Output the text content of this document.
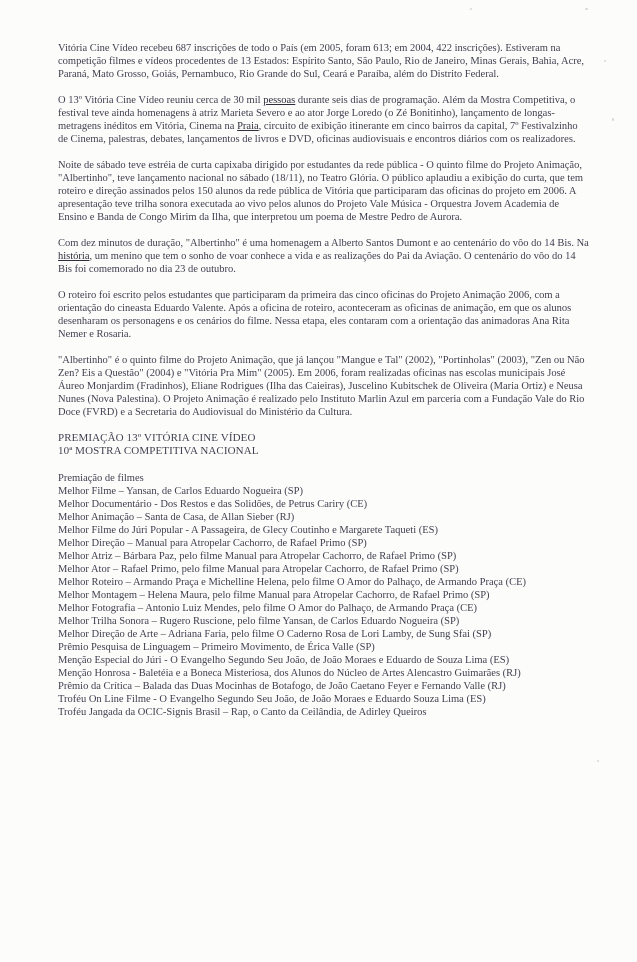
Vitória Cine Vídeo recebeu 687 inscrições de todo o País (em 2005, foram 613; em 2004, 422 inscrições). Estiveram na competição filmes e vídeos procedentes de 13 Estados: Espírito Santo, São Paulo, Rio de Janeiro, Minas Gerais, Bahia, Acre, Paraná, Mato Grosso, Goiás, Pernambuco, Rio Grande do Sul, Ceará e Paraíba, além do Distrito Federal.

O 13º Vitória Cine Vídeo reuniu cerca de 30 mil pessoas durante seis dias de programação. Além da Mostra Competitiva, o festival teve ainda homenagens à atriz Marieta Severo e ao ator Jorge Loredo (o Zé Bonitinho), lançamento de longas-metragens inéditos em Vitória, Cinema na Praia, circuito de exibição itinerante em cinco bairros da capital, 7º Festivalzinho de Cinema, palestras, debates, lançamentos de livros e DVD, oficinas audiovisuais e encontros diários com os realizadores.

Noite de sábado teve estréia de curta capixaba dirigido por estudantes da rede pública - O quinto filme do Projeto Animação, "Albertinho", teve lançamento nacional no sábado (18/11), no Teatro Glória. O público aplaudiu a exibição do curta, que tem roteiro e direção assinados pelos 150 alunos da rede pública de Vitória que participaram das oficinas do projeto em 2006. A apresentação teve trilha sonora executada ao vivo pelos alunos do Projeto Vale Música - Orquestra Jovem Academia de Ensino e Banda de Congo Mirim da Ilha, que interpretou um poema de Mestre Pedro de Aurora.

Com dez minutos de duração, "Albertinho" é uma homenagem a Alberto Santos Dumont e ao centenário do vôo do 14 Bis. Na história, um menino que tem o sonho de voar conhece a vida e as realizações do Pai da Aviação. O centenário do vôo do 14 Bis foi comemorado no dia 23 de outubro.

O roteiro foi escrito pelos estudantes que participaram da primeira das cinco oficinas do Projeto Animação 2006, com a orientação do cineasta Eduardo Valente. Após a oficina de roteiro, aconteceram as oficinas de animação, em que os alunos desenharam os personagens e os cenários do filme. Nessa etapa, eles contaram com a orientação das animadoras Ana Rita Nemer e Rosaria.

"Albertinho" é o quinto filme do Projeto Animação, que já lançou "Mangue e Tal" (2002), "Portinholas" (2003), "Zen ou Não Zen? Eis a Questão" (2004) e "Vitória Pra Mim" (2005). Em 2006, foram realizadas oficinas nas escolas municipais José Áureo Monjardim (Fradinhos), Eliane Rodrigues (Ilha das Caieiras), Juscelino Kubitschek de Oliveira (Maria Ortiz) e Neusa Nunes (Nova Palestina). O Projeto Animação é realizado pelo Instituto Marlin Azul em parceria com a Fundação Vale do Rio Doce (FVRD) e a Secretaria do Audiovisual do Ministério da Cultura.

PREMIAÇÃO 13º VITÓRIA CINE VÍDEO

10ª MOSTRA COMPETITIVA NACIONAL

Premiação de filmes

Melhor Filme – Yansan, de Carlos Eduardo Nogueira (SP)

Melhor Documentário - Dos Restos e das Solidões, de Petrus Cariry (CE)

Melhor Animação – Santa de Casa, de Allan Sieber (RJ)

Melhor Filme do Júri Popular - A Passageira, de Glecy Coutinho e Margarete Taqueti (ES)

Melhor Direção – Manual para Atropelar Cachorro, de Rafael Primo (SP)

Melhor Atriz – Bárbara Paz, pelo filme Manual para Atropelar Cachorro, de Rafael Primo (SP)

Melhor Ator – Rafael Primo, pelo filme Manual para Atropelar Cachorro, de Rafael Primo (SP)

Melhor Roteiro – Armando Praça e Michelline Helena, pelo filme O Amor do Palhaço, de Armando Praça (CE)

Melhor Montagem – Helena Maura, pelo filme Manual para Atropelar Cachorro, de Rafael Primo (SP)

Melhor Fotografia – Antonio Luiz Mendes, pelo filme O Amor do Palhaço, de Armando Praça (CE)

Melhor Trilha Sonora – Rugero Ruscione, pelo filme Yansan, de Carlos Eduardo Nogueira (SP)

Melhor Direção de Arte – Adriana Faria, pelo filme O Caderno Rosa de Lori Lamby, de Sung Sfai (SP)

Prêmio Pesquisa de Linguagem – Primeiro Movimento, de Érica Valle (SP)

Menção Especial do Júri - O Evangelho Segundo Seu João, de João Moraes e Eduardo de Souza Lima (ES)

Menção Honrosa - Baletéia e a Boneca Misteriosa, dos Alunos do Núcleo de Artes Alencastro Guimarães (RJ)

Prêmio da Crítica – Balada das Duas Mocinhas de Botafogo, de João Caetano Feyer e Fernando Valle (RJ)

Troféu On Line Filme - O Evangelho Segundo Seu João, de João Moraes e Eduardo Souza Lima (ES)

Troféu Jangada da OCIC-Signis Brasil – Rap, o Canto da Ceilândia, de Adirley Queiros
